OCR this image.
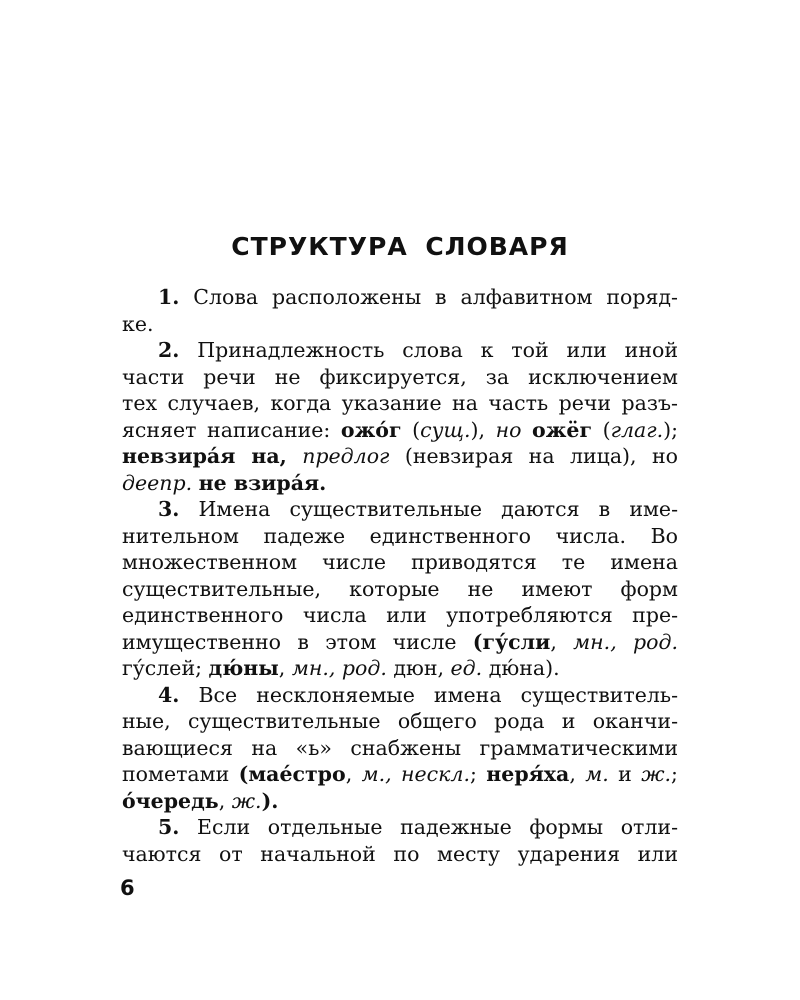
СТРУКТУРА СЛОВАРЯ
1. Слова расположены в алфавитном поряд-
ке.
2. Принадлежность слова к той или иной
части речи не фиксируется, за исключением
тех случаев, когда указание на часть речи разъ-
ясняет написание: ожо́г (сущ.), но ожёг (глаг.);
невзира́я на, предлог (невзирая на лица), но
деепр. не взира́я.
3. Имена существительные даются в име-
нительном падеже единственного числа. Во
множественном числе приводятся те имена
существительные, которые не имеют форм
единственного числа или употребляются пре-
имущественно в этом числе (гу́сли, мн., род.
гу́слей; дю́ны, мн., род. дюн, ед. дю́на).
4. Все несклоняемые имена существитель-
ные, существительные общего рода и оканчи-
вающиеся на «ь» снабжены грамматическими
пометами (мае́стро, м., нескл.; неря́ха, м. и ж.;
о́чередь, ж.).
5. Если отдельные падежные формы отли-
чаются от начальной по месту ударения или
6
